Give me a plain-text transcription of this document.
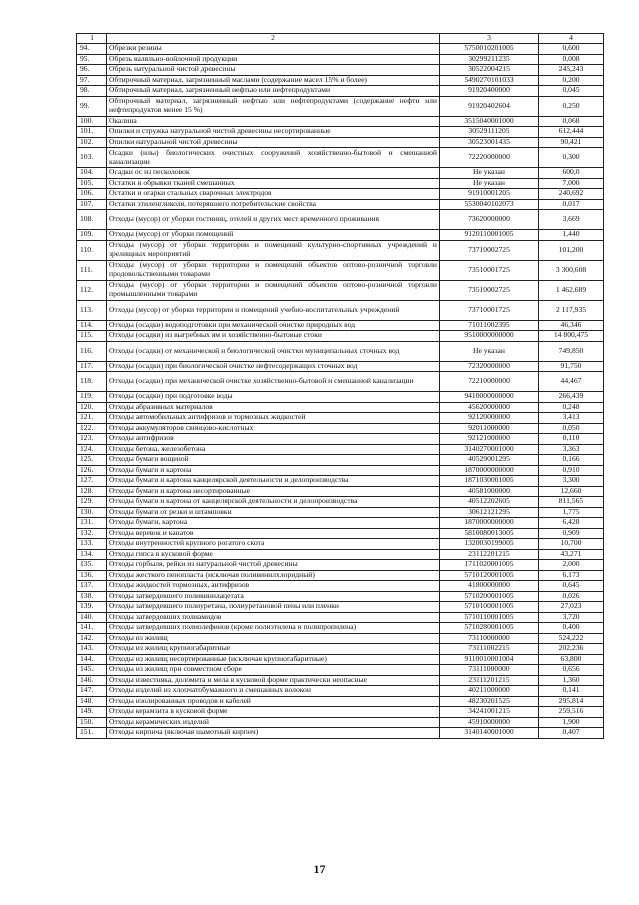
1	2	3	4
94.	Обрезки резины	5750010201005	0,600
95.	Обрезь валяльно-войлочной продукции	30299211235	0,008
96.	Обрезь натуральной чистой древесины	30522004215	245,243
97.	Обтирочный материал, загрязненный маслами (содержание масел 15% и более)	5490270101033	0,200
98.	Обтирочный материал, загрязненный нефтью или нефтепродуктами	91920400000	0,045
99.	Обтирочный материал, загрязненный нефтью или нефтепродуктами (содержание нефти или нефтепродуктов менее 15 %)	91920402604	0,250
100.	Окалина	3515040001000	0,068
101.	Опилки и стружка натуральной чистой древесины несортированные	30529111205	612,444
102.	Опилки натуральной чистой древесины	30523001435	90,421
103.	Осадки (илы) биологических очистных сооружений хозяйственно-бытовой и смешанной канализации	72220000000	0,300
104.	Осадки ос из песколовок	Не указан	600,0
105.	Остатки и обрывки тканей смешанных	Не указан	7,000
106.	Остатки и огарки стальных сварочных электродов	91910001205	240,692
107.	Остатки этиленгликоля, потерявшего потребительские свойства	5530040102073	0,017
108.	Отходы (мусор) от уборки гостиниц, отелей и других мест временного проживания	73620000000	3,669
109.	Отходы (мусор) от уборки помещений	9120110001005	1,440
110.	Отходы (мусор) от уборки территории и помещений культурно-спортивных учреждений и зрелищных мероприятий	73710002725	101,200
111.	Отходы (мусор) от уборки территории и помещений объектов оптово-розничной торговли продовольственными товарами	73510001725	3 300,608
112.	Отходы (мусор) от уборки территории и помещений объектов оптово-розничной торговли промышленными товарами	73510002725	1 462,689
113.	Отходы (мусор) от уборки территории и помещений учебно-воспитательных учреждений	73710001725	2 117,935
114.	Отходы (осадки) водоподготовки при механической очистке природных вод	71011002395	46,346
115.	Отходы (осадки) из выгребных ям и хозяйственно-бытовые стоки	9510000000000	14 800,475
116.	Отходы (осадки) от механической и биологической очистки муниципальных сточных вод	Не указан	749,850
117.	Отходы (осадки) при биологической очистке нефтесодержащих сточных вод	72320000000	91,750
118.	Отходы (осадки) при механической очистке хозяйственно-бытовой и смешанной канализации	72210000000	44,467
119.	Отходы (осадки) при подготовке воды	9410000000000	266,439
120.	Отходы абразивных материалов	45620000000	0,248
121.	Отходы автомобильных антифризов и тормозных жидкостей	92120000000	3,413
122.	Отходы аккумуляторов свинцово-кислотных	92011000000	0,050
123.	Отходы антифризов	92121000000	0,110
124.	Отходы бетона, железобетона	3140270001000	3,363
125.	Отходы бумаги вощеной	40529001295	0,166
126.	Отходы бумаги и картона	1870000000000	0,910
127.	Отходы бумаги и картона канцелярской деятельности и делопроизводства	1871030001005	3,300
128.	Отходы бумаги и картона несортированные	40581000000	12,660
129.	Отходы бумаги и картона от канцелярской деятельности и делопроизводства	40512202605	811,565
130.	Отходы бумаги от резки и штамповки	30612121295	1,775
131.	Отходы бумаги, картона	1870000000000	6,428
132.	Отходы веревок и канатов	5810080013005	0,909
133.	Отходы внутренностей крупного рогатого скота	1320030199005	10,700
134.	Отходы гипса в кусковой форме	23112201215	43,271
135.	Отходы горбыля, рейки из натуральной чистой древесины	1711020001005	2,000
136.	Отходы жесткого пенопласта (исключая поливинилхлоридный)	5710120001005	6,173
137.	Отходы жидкостей тормозных, антифризов	41800000000	0,645
138.	Отходы затвердевшего поливинилацетата	5710200001005	0,026
139.	Отходы затвердевшего полиуретана, полиуретановой пены или пленки	5710100001005	27,023
140.	Отходы затвердевших полиамидов	5710110001005	3,720
141.	Отходы затвердевших полиолефинов (кроме полиэтилена и полипропилена)	5710280001005	0,400
142.	Отходы из жилищ	73110000000	524,222
143.	Отходы из жилищ крупногабаритные	73111002215	202,236
144.	Отходы из жилищ несортированные (исключая крупногабаритные)	9110010001004	63,800
145.	Отходы из жилищ при совместном сборе	73111000000	0,656
146.	Отходы известняка, доломита и мела в кусковой форме практически неопасные	23111201215	1,360
147.	Отходы изделий из хлопчатобумажного и смешанных волокон	40211000000	0,141
148.	Отходы изолированных проводов и кабелей	48230201525	295,814
149.	Отходы керамзита в кусковой форме	34241001215	259,516
150.	Отходы керамических изделий	45910000000	1,900
151.	Отходы кирпича (включая шамотный кирпич)	3140140001000	0,407
17
